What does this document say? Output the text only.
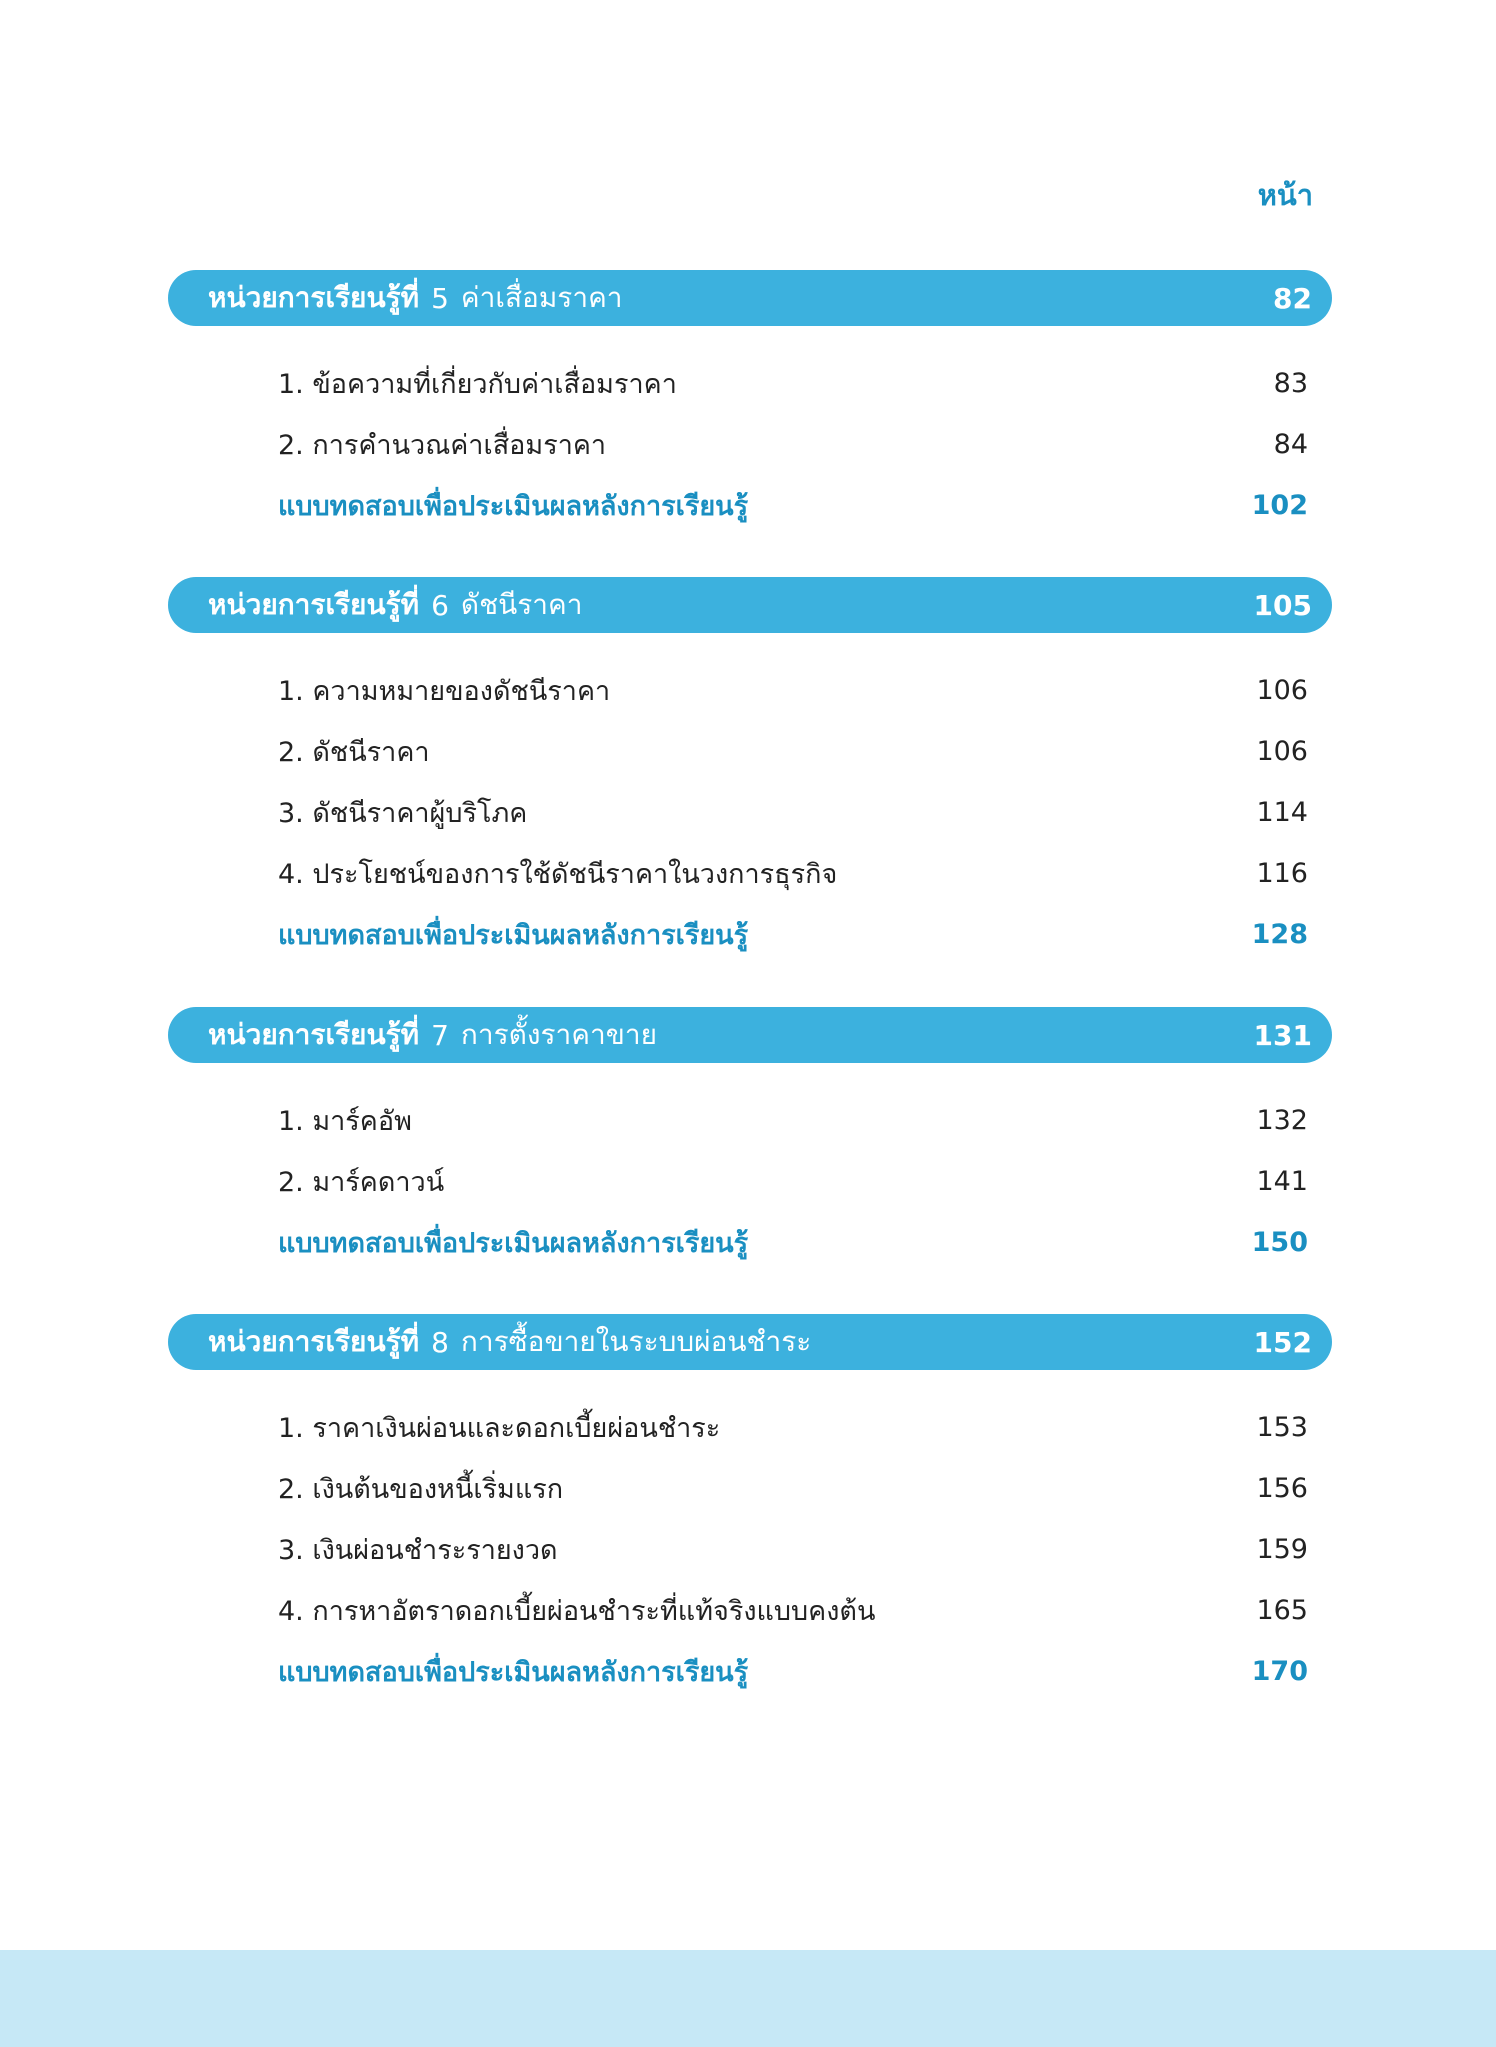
หน้า
หน่วยการเรียนรู้ที่ 5 ค่าเสื่อมราคา	82
1. ข้อความที่เกี่ยวกับค่าเสื่อมราคา	83
2. การคำนวณค่าเสื่อมราคา	84
แบบทดสอบเพื่อประเมินผลหลังการเรียนรู้	102
หน่วยการเรียนรู้ที่ 6 ดัชนีราคา	105
1. ความหมายของดัชนีราคา	106
2. ดัชนีราคา	106
3. ดัชนีราคาผู้บริโภค	114
4. ประโยชน์ของการใช้ดัชนีราคาในวงการธุรกิจ	116
แบบทดสอบเพื่อประเมินผลหลังการเรียนรู้	128
หน่วยการเรียนรู้ที่ 7 การตั้งราคาขาย	131
1. มาร์คอัพ	132
2. มาร์คดาวน์	141
แบบทดสอบเพื่อประเมินผลหลังการเรียนรู้	150
หน่วยการเรียนรู้ที่ 8 การซื้อขายในระบบผ่อนชำระ	152
1. ราคาเงินผ่อนและดอกเบี้ยผ่อนชำระ	153
2. เงินต้นของหนี้เริ่มแรก	156
3. เงินผ่อนชำระรายงวด	159
4. การหาอัตราดอกเบี้ยผ่อนชำระที่แท้จริงแบบคงต้น	165
แบบทดสอบเพื่อประเมินผลหลังการเรียนรู้	170
